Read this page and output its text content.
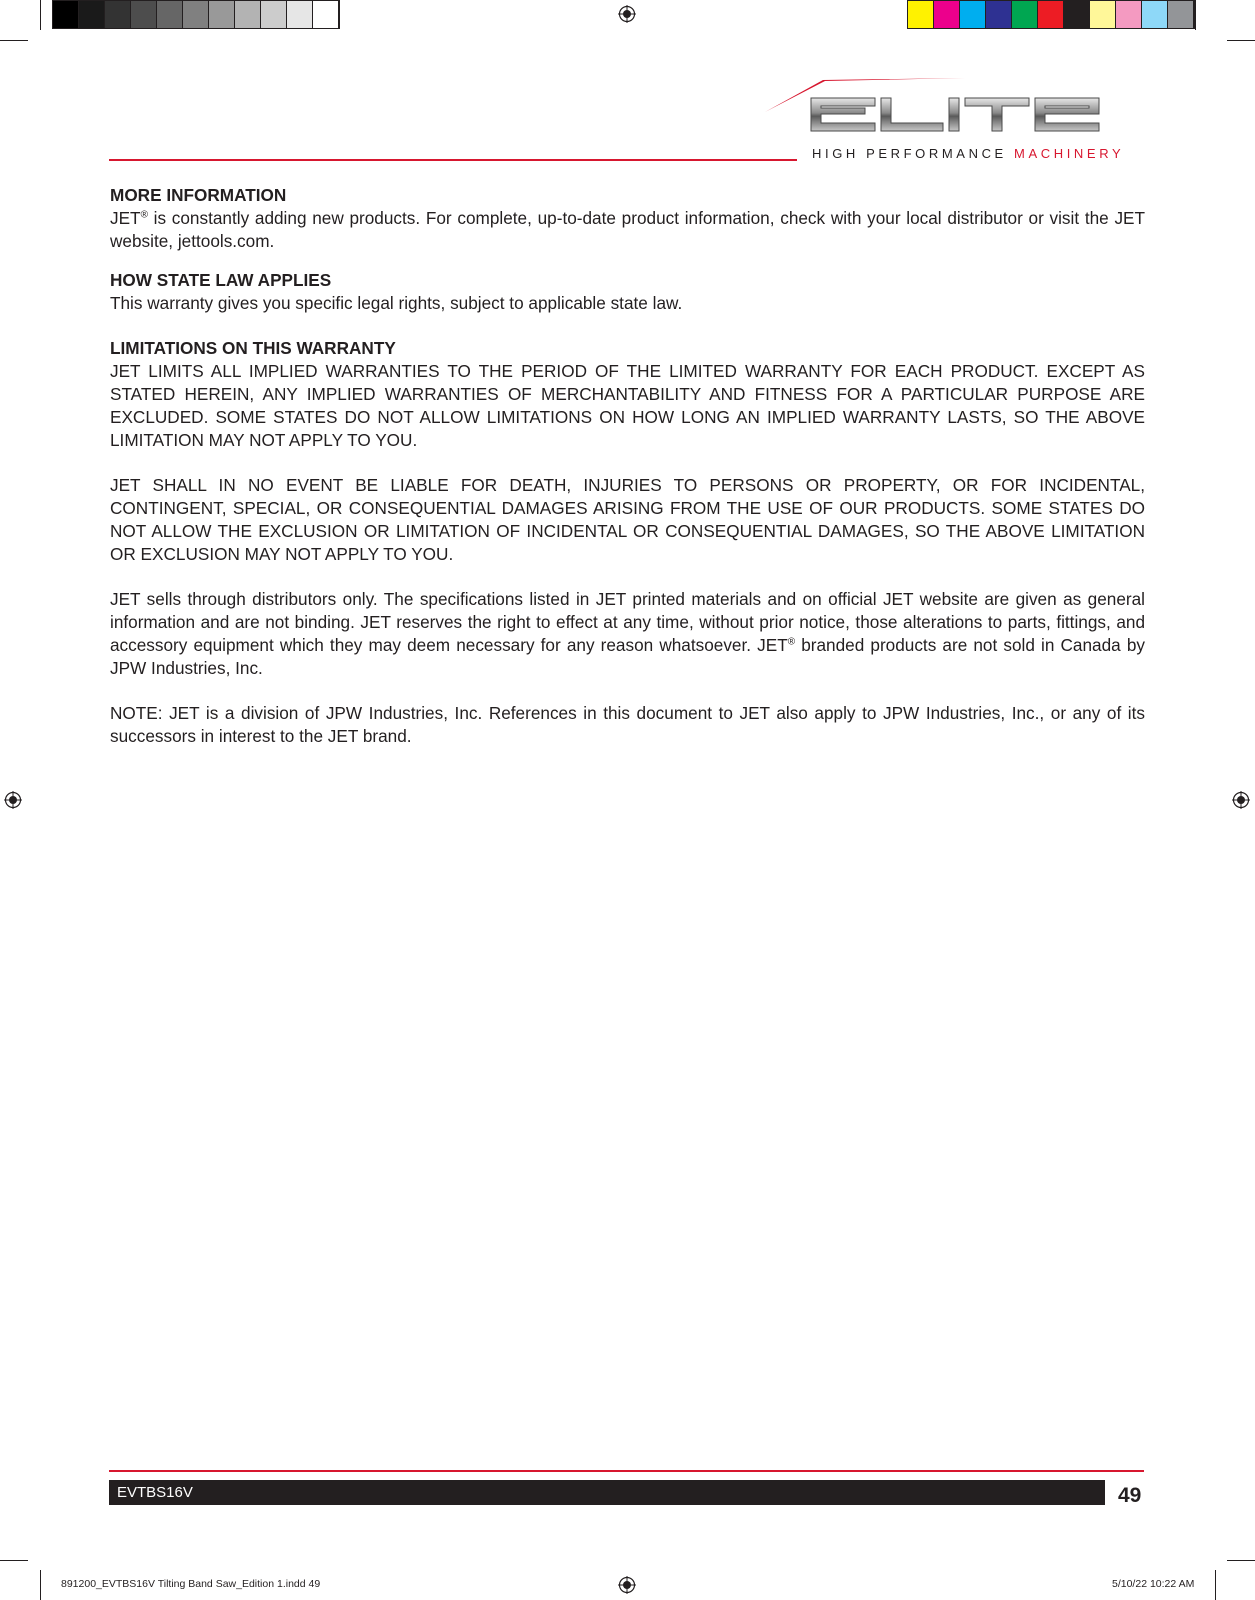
HIGH PERFORMANCE MACHINERY
MORE INFORMATION

JET® is constantly adding new products. For complete, up-to-date product information, check with your local distributor or visit the JET website, jettools.com.

HOW STATE LAW APPLIES

This warranty gives you specific legal rights, subject to applicable state law.

LIMITATIONS ON THIS WARRANTY

JET LIMITS ALL IMPLIED WARRANTIES TO THE PERIOD OF THE LIMITED WARRANTY FOR EACH PRODUCT. EXCEPT AS STATED HEREIN, ANY IMPLIED WARRANTIES OF MERCHANTABILITY AND FITNESS FOR A PARTICULAR PURPOSE ARE EXCLUDED. SOME STATES DO NOT ALLOW LIMITATIONS ON HOW LONG AN IMPLIED WARRANTY LASTS, SO THE ABOVE LIMITATION MAY NOT APPLY TO YOU.

JET SHALL IN NO EVENT BE LIABLE FOR DEATH, INJURIES TO PERSONS OR PROPERTY, OR FOR INCIDENTAL, CONTINGENT, SPECIAL, OR CONSEQUENTIAL DAMAGES ARISING FROM THE USE OF OUR PRODUCTS. SOME STATES DO NOT ALLOW THE EXCLUSION OR LIMITATION OF INCIDENTAL OR CONSEQUENTIAL DAMAGES, SO THE ABOVE LIMITATION OR EXCLUSION MAY NOT APPLY TO YOU.

JET sells through distributors only. The specifications listed in JET printed materials and on official JET website are given as general information and are not binding. JET reserves the right to effect at any time, without prior notice, those alterations to parts, fittings, and accessory equipment which they may deem necessary for any reason whatsoever. JET® branded products are not sold in Canada by JPW Industries, Inc.

NOTE: JET is a division of JPW Industries, Inc. References in this document to JET also apply to JPW Industries, Inc., or any of its successors in interest to the JET brand.

EVTBS16V	49
891200_EVTBS16V Tilting Band Saw_Edition 1.indd 49	5/10/22 10:22 AM
